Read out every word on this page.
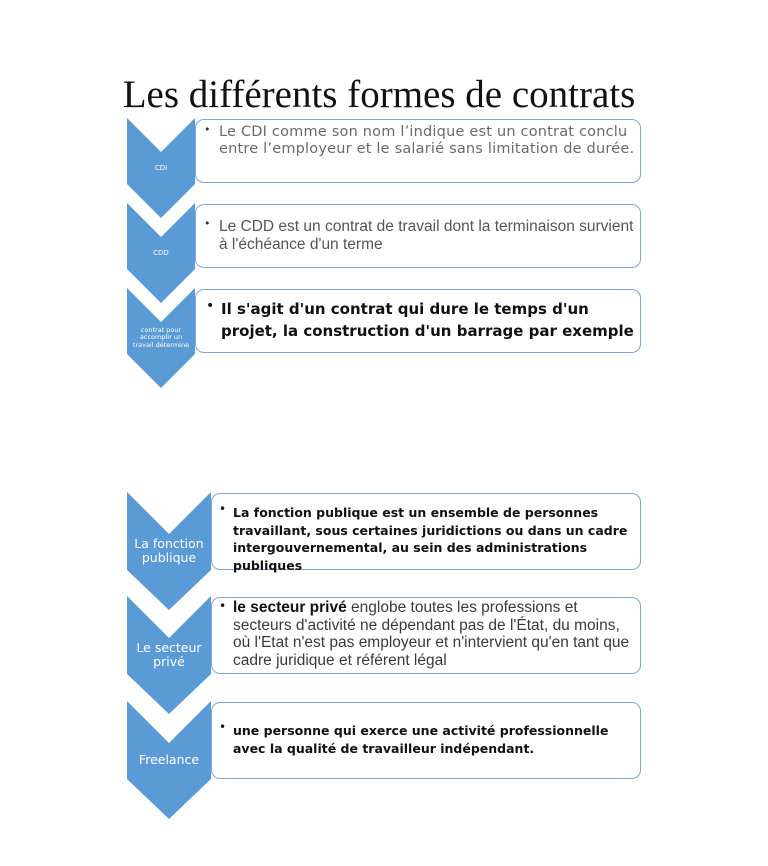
Les différents formes de contrats
CDI
• Le CDI comme son nom l’indique est un contrat conclu entre l’employeur et le salarié sans limitation de durée.
CDD
• Le CDD est un contrat de travail dont la terminaison survient à l'échéance d'un terme
contrat pour accomplir un travail détermine
• Il s'agit d'un contrat qui dure le temps d'un projet, la construction d'un barrage par exemple
La fonction publique
• La fonction publique est un ensemble de personnes travaillant, sous certaines juridictions ou dans un cadre intergouvernemental, au sein des administrations publiques
Le secteur privé
• le secteur privé englobe toutes les professions et secteurs d'activité ne dépendant pas de l'État, du moins, où l'Etat n'est pas employeur et n'intervient qu'en tant que cadre juridique et référent légal
Freelance
• une personne qui exerce une activité professionnelle avec la qualité de travailleur indépendant.
